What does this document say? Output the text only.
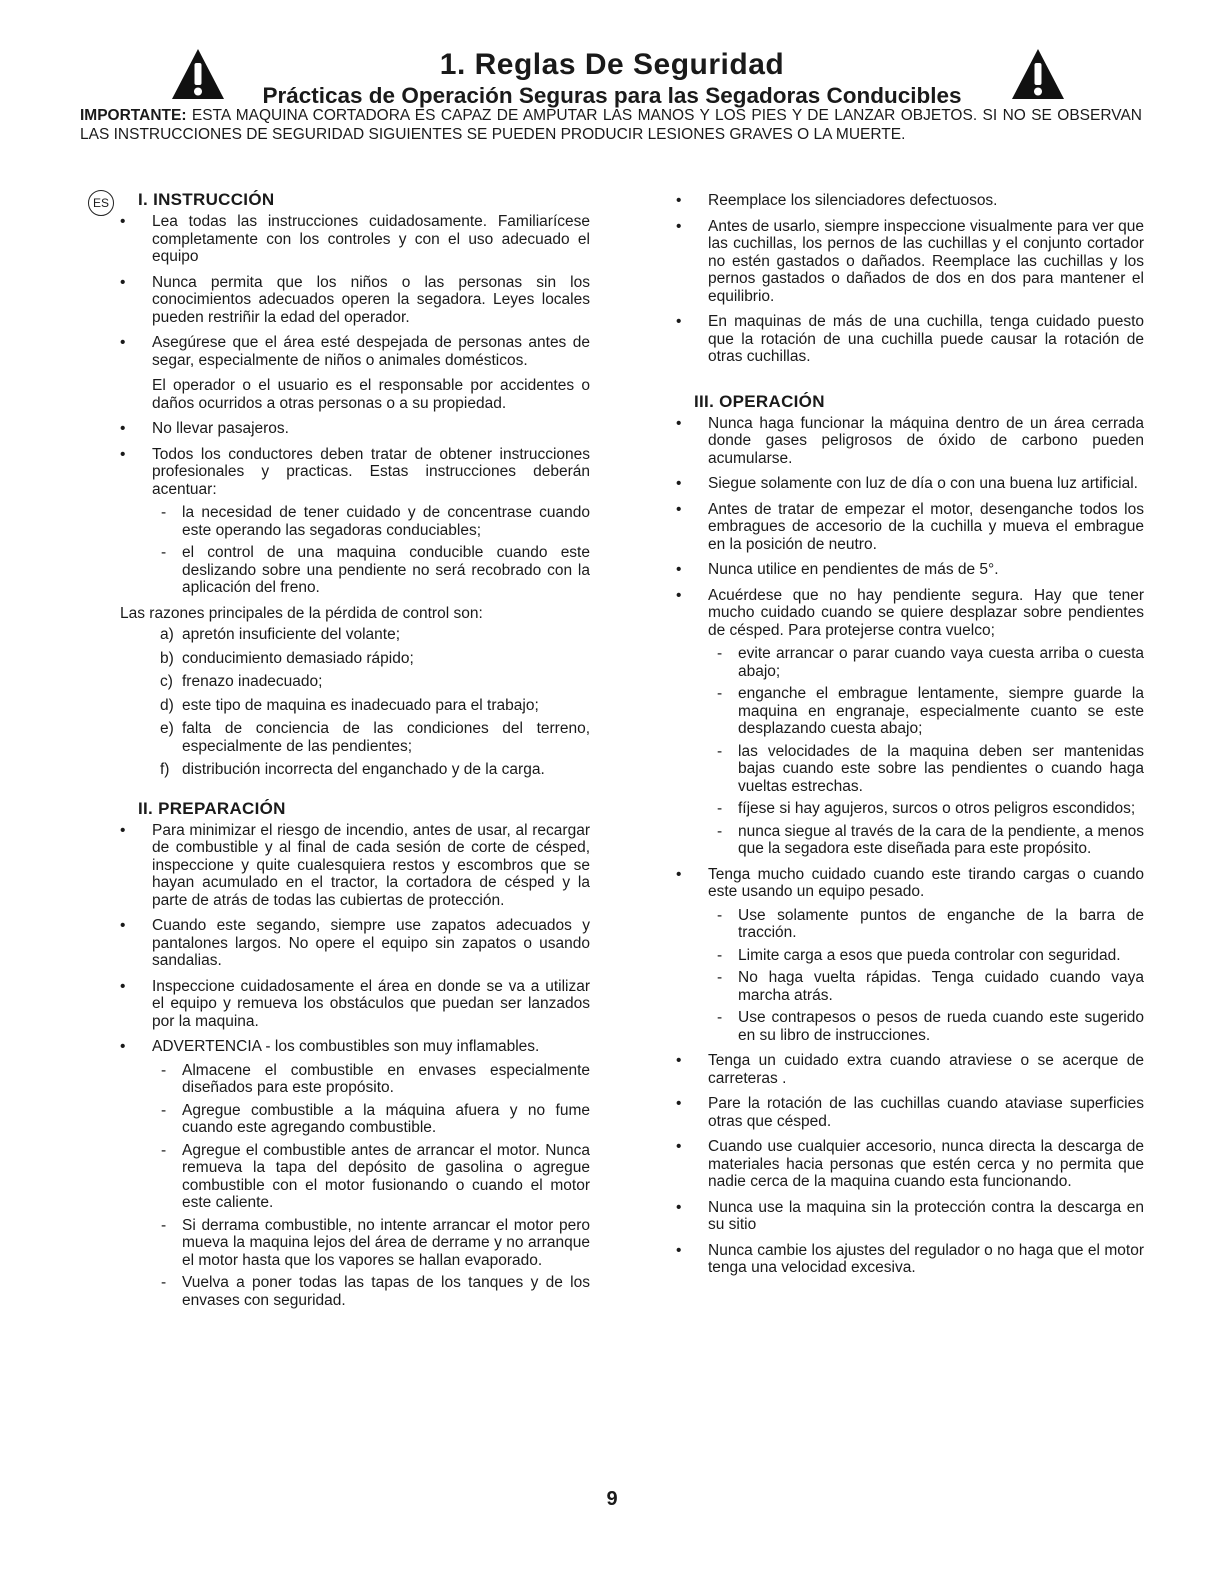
1. Reglas De Seguridad
Prácticas de Operación Seguras para las Segadoras Conducibles
IMPORTANTE: ESTA MAQUINA CORTADORA ES CAPAZ DE AMPUTAR LAS MANOS Y LOS PIES Y DE LANZAR OBJETOS. SI NO SE OBSERVAN LAS INSTRUCCIONES DE SEGURIDAD SIGUIENTES SE PUEDEN PRODUCIR LESIONES GRAVES O LA MUERTE.
ES I. INSTRUCCIÓN
• Lea todas las instrucciones cuidadosamente. Familiarícese completamente con los controles y con el uso adecuado el equipo
• Nunca permita que los niños o las personas sin los conocimientos adecuados operen la segadora. Leyes locales pueden restriñir la edad del operador.
• Asegúrese que el área esté despejada de personas antes de segar, especialmente de niños o animales domésticos.

El operador o el usuario es el responsable por accidentes o daños ocurridos a otras personas o a su propiedad.

• No llevar pasajeros.
• Todos los conductores deben tratar de obtener instrucciones profesionales y practicas. Estas instrucciones deberán acentuar:
- la necesidad de tener cuidado y de concentrase cuando este operando las segadoras conduciables;
- el control de una maquina conducible cuando este deslizando sobre una pendiente no será recobrado con la aplicación del freno.

Las razones principales de la pérdida de control son:

a) apretón insuficiente del volante;
b) conducimiento demasiado rápido;
c) frenazo inadecuado;
d) este tipo de maquina es inadecuado para el trabajo;
e) falta de conciencia de las condiciones del terreno, especialmente de las pendientes;
f) distribución incorrecta del enganchado y de la carga.
II. PREPARACIÓN
• Para minimizar el riesgo de incendio, antes de usar, al recargar de combustible y al final de cada sesión de corte de césped, inspeccione y quite cualesquiera restos y escombros que se hayan acumulado en el tractor, la cortadora de césped y la parte de atrás de todas las cubiertas de protección.
• Cuando este segando, siempre use zapatos adecuados y pantalones largos. No opere el equipo sin zapatos o usando sandalias.
• Inspeccione cuidadosamente el área en donde se va a utilizar el equipo y remueva los obstáculos que puedan ser lanzados por la maquina.
• ADVERTENCIA - los combustibles son muy inflamables.
- Almacene el combustible en envases especialmente diseñados para este propósito.
- Agregue combustible a la máquina afuera y no fume cuando este agregando combustible.
- Agregue el combustible antes de arrancar el motor. Nunca remueva la tapa del depósito de gasolina o agregue combustible con el motor fusionando o cuando el motor este caliente.
- Si derrama combustible, no intente arrancar el motor pero mueva la maquina lejos del área de derrame y no arranque el motor hasta que los vapores se hallan evaporado.
- Vuelva a poner todas las tapas de los tanques y de los envases con seguridad.
• Reemplace los silenciadores defectuosos.
• Antes de usarlo, siempre inspeccione visualmente para ver que las cuchillas, los pernos de las cuchillas y el conjunto cortador no estén gastados o dañados. Reemplace las cuchillas y los pernos gastados o dañados de dos en dos para mantener el equilibrio.
• En maquinas de más de una cuchilla, tenga cuidado puesto que la rotación de una cuchilla puede causar la rotación de otras cuchillas.
III. OPERACIÓN
• Nunca haga funcionar la máquina dentro de un área cerrada donde gases peligrosos de óxido de carbono pueden acumularse.
• Siegue solamente con luz de día o con una buena luz artificial.
• Antes de tratar de empezar el motor, desenganche todos los embragues de accesorio de la cuchilla y mueva el embrague en la posición de neutro.
• Nunca utilice en pendientes de más de 5°.
• Acuérdese que no hay pendiente segura. Hay que tener mucho cuidado cuando se quiere desplazar sobre pendientes de césped. Para protejerse contra vuelco;
- evite arrancar o parar cuando vaya cuesta arriba o cuesta abajo;
- enganche el embrague lentamente, siempre guarde la maquina en engranaje, especialmente cuanto se este desplazando cuesta abajo;
- las velocidades de la maquina deben ser mantenidas bajas cuando este sobre las pendientes o cuando haga vueltas estrechas.
- fíjese si hay agujeros, surcos o otros peligros escondidos;
- nunca siegue al través de la cara de la pendiente, a menos que la segadora este diseñada para este propósito.
• Tenga mucho cuidado cuando este tirando cargas o cuando este usando un equipo pesado.
- Use solamente puntos de enganche de la barra de tracción.
- Limite carga a esos que pueda controlar con seguridad.
- No haga vuelta rápidas. Tenga cuidado cuando vaya marcha atrás.
- Use contrapesos o pesos de rueda cuando este sugerido en su libro de instrucciones.
• Tenga un cuidado extra cuando atraviese o se acerque de carreteras .
• Pare la rotación de las cuchillas cuando ataviase superficies otras que césped.
• Cuando use cualquier accesorio, nunca directa la descarga de materiales hacia personas que estén cerca y no permita que nadie cerca de la maquina cuando esta funcionando.
• Nunca use la maquina sin la protección contra la descarga en su sitio
• Nunca cambie los ajustes del regulador o no haga que el motor tenga una velocidad excesiva.
9
